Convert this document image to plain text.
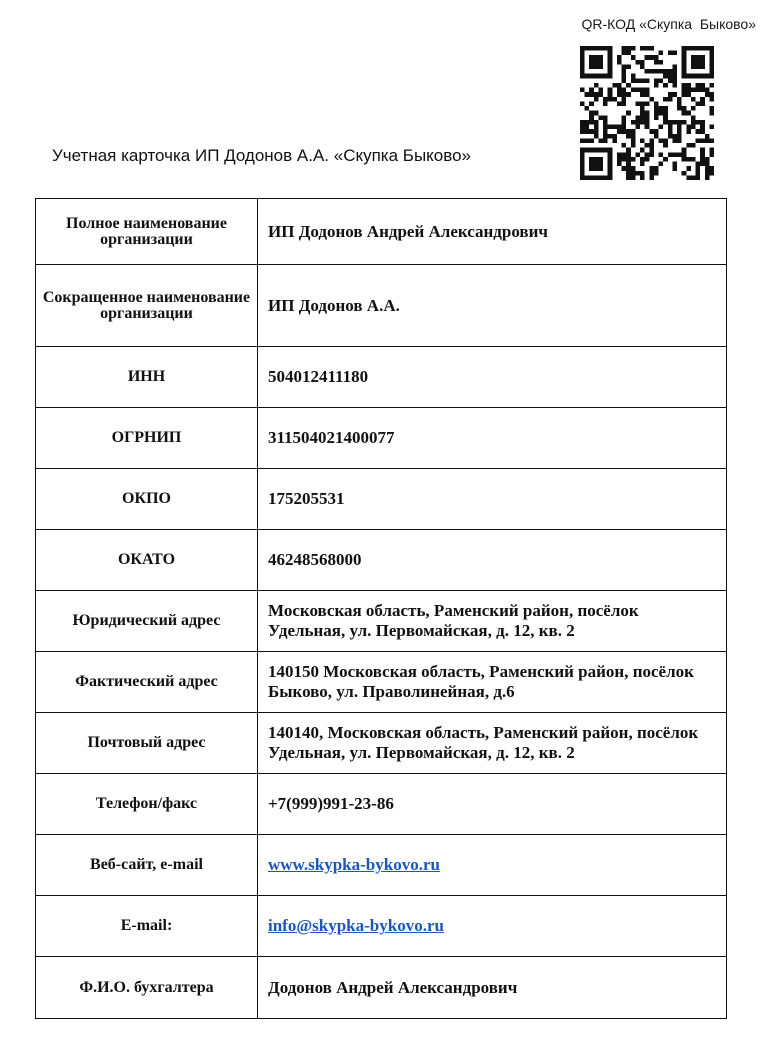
QR-КОД «Скупка  Быково»
Учетная карточка ИП Додонов А.А. «Скупка Быково»
Полное наименование организации	ИП Додонов Андрей Александрович
Сокращенное наименование организации	ИП Додонов А.А.
ИНН	504012411180
ОГРНИП	311504021400077
ОКПО	175205531
ОКАТО	46248568000
Юридический адрес	Московская область, Раменский район, посёлок Удельная, ул. Первомайская, д. 12, кв. 2
Фактический адрес	140150 Московская область, Раменский район, посёлок Быково, ул. Праволинейная, д.6
Почтовый адрес	140140, Московская область, Раменский район, посёлок Удельная, ул. Первомайская, д. 12, кв. 2
Телефон/факс	+7(999)991-23-86
Веб-сайт, e-mail	www.skypka-bykovo.ru
E-mail:	info@skypka-bykovo.ru
Ф.И.О. бухгалтера	Додонов Андрей Александрович
